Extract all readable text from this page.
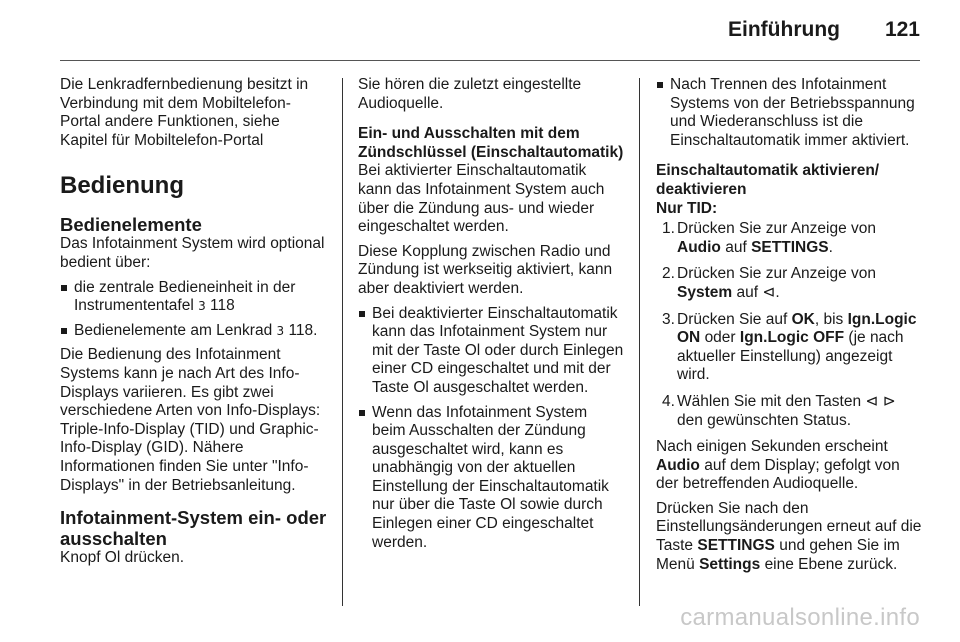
Einführung 121

Die Lenkradfernbedienung besitzt in Verbindung mit dem Mobiltelefon-Portal andere Funktionen, siehe Kapitel für Mobiltelefon-Portal

Bedienung
Bedienelemente

Das Infotainment System wird optional bedient über:

die zentrale Bedieneinheit in der Instrumententafel 3 118
Bedienelemente am Lenkrad 3 118.

Die Bedienung des Infotainment Systems kann je nach Art des Info-Displays variieren. Es gibt zwei verschiedene Arten von Info-Displays: Triple-Info-Display (TID) und Graphic-Info-Display (GID). Nähere Informationen finden Sie unter "Info-Displays" in der Betriebsanleitung.

Infotainment-System ein- oder ausschalten

Knopf Ol drücken.

Sie hören die zuletzt eingestellte Audioquelle.

Ein- und Ausschalten mit dem Zündschlüssel (Einschaltautomatik)

Bei aktivierter Einschaltautomatik kann das Infotainment System auch über die Zündung aus- und wieder eingeschaltet werden.

Diese Kopplung zwischen Radio und Zündung ist werkseitig aktiviert, kann aber deaktiviert werden.

Bei deaktivierter Einschaltautomatik kann das Infotainment System nur mit der Taste Ol oder durch Einlegen einer CD eingeschaltet und mit der Taste Ol ausgeschaltet werden.
Wenn das Infotainment System beim Ausschalten der Zündung ausgeschaltet wird, kann es unabhängig von der aktuellen Einstellung der Einschaltautomatik nur über die Taste Ol sowie durch Einlegen einer CD eingeschaltet werden.
Nach Trennen des Infotainment Systems von der Betriebsspannung und Wiederanschluss ist die Einschaltautomatik immer aktiviert.
Einschaltautomatik aktivieren/ deaktivieren
Nur TID:
1. Drücken Sie zur Anzeige von Audio auf SETTINGS.
2. Drücken Sie zur Anzeige von System auf ⊲.
3. Drücken Sie auf OK, bis Ign.Logic ON oder Ign.Logic OFF (je nach aktueller Einstellung) angezeigt wird.
4. Wählen Sie mit den Tasten ⊲ ⊳ den gewünschten Status.

Nach einigen Sekunden erscheint Audio auf dem Display; gefolgt von der betreffenden Audioquelle.

Drücken Sie nach den Einstellungsänderungen erneut auf die Taste SETTINGS und gehen Sie im Menü Settings eine Ebene zurück.

carmanualsonline.info
